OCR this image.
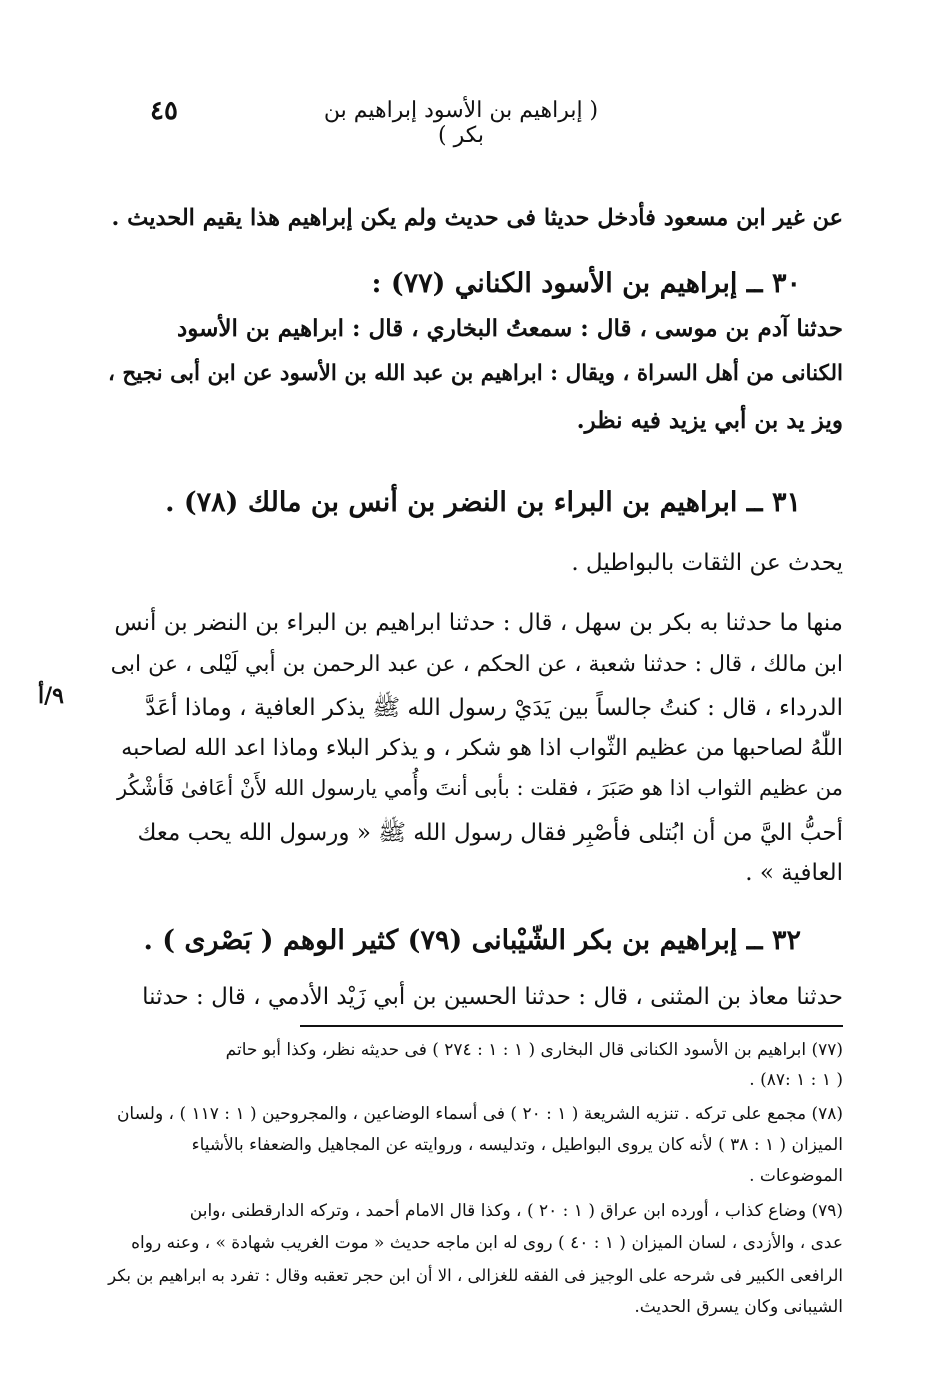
( إبراهيم بن الأسود إبراهيم بن بكر )
٤٥
عن غير ابن مسعود فأدخل حديثا فى حديث ولم يكن إبراهيم هذا يقيم الحديث .
٣٠ ــ إبراهيم بن الأسود الكناني (٧٧) :
حدثنا آدم بن موسى ، قال : سمعتُ البخاري ، قال : ابراهيم بن الأسود
الكنانى من أهل السراة ، ويقال : ابراهيم بن عبد الله بن الأسود عن ابن أبى نجيح ،
ويز يد بن أبي يزيد فيه نظر.
٣١ ــ ابراهيم بن البراء بن النضر بن أنس بن مالك (٧٨) .
يحدث عن الثقات بالبواطيل .
منها ما حدثنا به بكر بن سهل ، قال : حدثنا ابراهيم بن البراء بن النضر بن أنس
ابن مالك ، قال : حدثنا شعبة ، عن الحكم ، عن عبد الرحمن بن أبي لَيْلى ، عن ابى
الدرداء ، قال : كنتُ جالساً بين يَدَيْ رسول الله ﷺ يذكر العافية ، وماذا أعَدَّ
اللّٰهُ لصاحبها من عظيم الثّواب اذا هو شكر ، و يذكر البلاء وماذا اعد الله لصاحبه
من عظيم الثواب اذا هو صَبَرَ ، فقلت : بأبى أنتَ وأُمي يارسول الله لأَنْ أعَافىٰ فَأشْكُر
أحبُّ اليَّ من أن ابُتلى فأصْبِر فقال رسول الله ﷺ « ورسول الله يحب معك
العافية » .
٣٢ ــ إبراهيم بن بكر الشّيْبانى (٧٩) كثير الوهم ( بَصْرى ) .
حدثنا معاذ بن المثنى ، قال : حدثنا الحسين بن أبي زَيْد الأدمي ، قال : حدثنا
٩/أ
(٧٧) ابراهيم بن الأسود الكنانى قال البخارى ( ١ : ١ : ٢٧٤ ) فى حديثه نظر، وكذا أبو حاتم
( ١ : ١ :٨٧) .
(٧٨) مجمع على تركه . تنزيه الشريعة ( ١ : ٢٠ ) فى أسماء الوضاعين ، والمجروحين ( ١ : ١١٧ ) ، ولسان
الميزان ( ١ : ٣٨ ) لأنه كان يروى البواطيل ، وتدليسه ، وروايته عن المجاهيل والضعفاء بالأشياء
الموضوعات .
(٧٩) وضاع كذاب ، أورده ابن عراق ( ١ : ٢٠ ) ، وكذا قال الامام أحمد ، وتركه الدارقطنى ،وابن
عدى ، والأزدى ، لسان الميزان ( ١ : ٤٠ ) روى له ابن ماجه حديث « موت الغريب شهادة » ، وعنه رواه
الرافعى الكبير فى شرحه على الوجيز فى الفقه للغزالى ، الا أن ابن حجر تعقبه وقال : تفرد به ابراهيم بن بكر
الشيبانى وكان يسرق الحديث.
